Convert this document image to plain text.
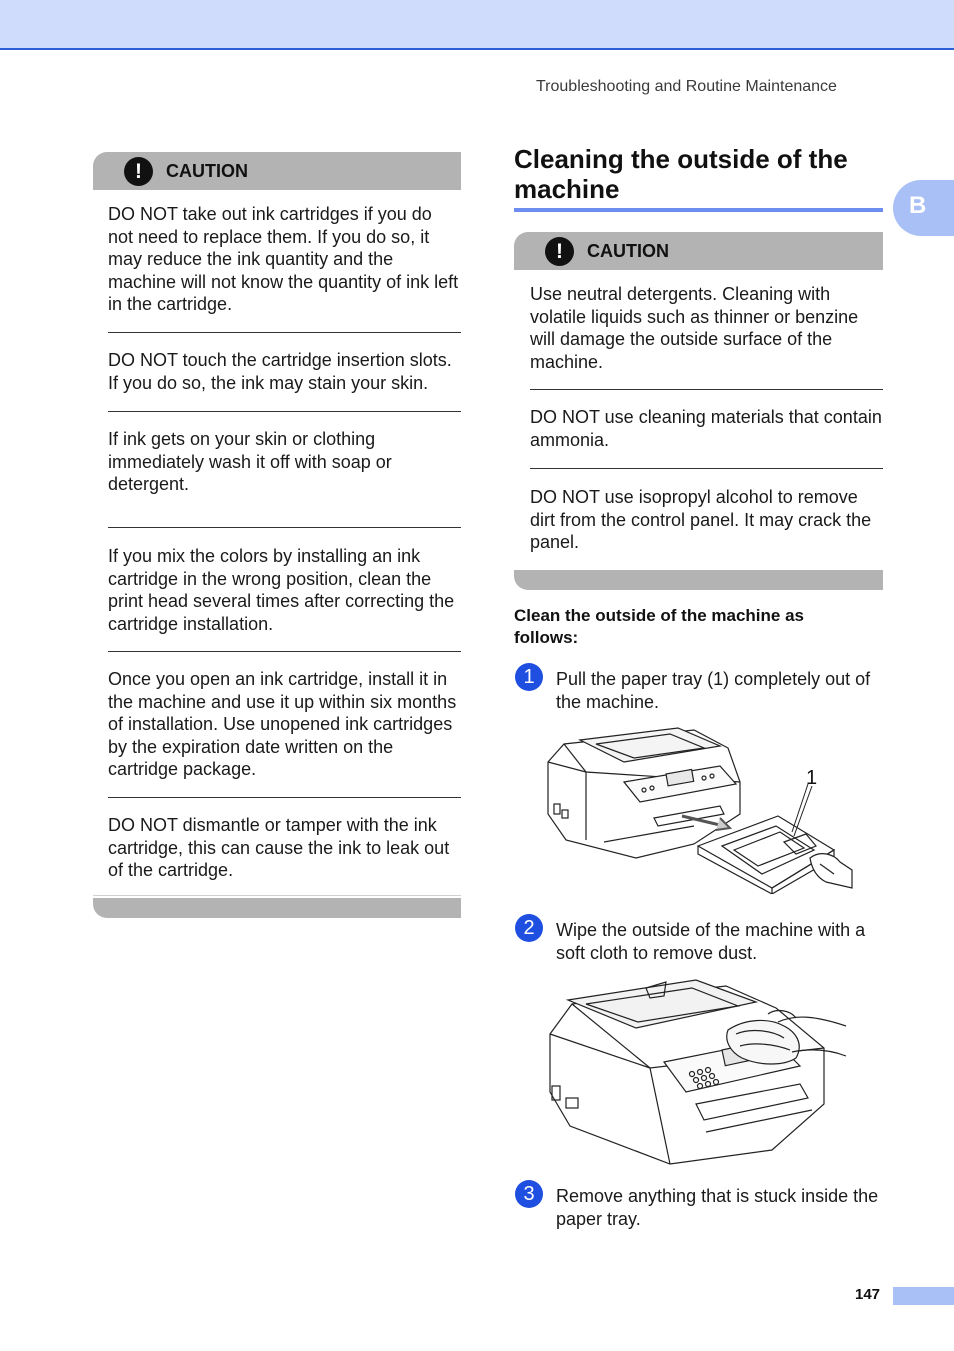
Troubleshooting and Routine Maintenance
B
!	CAUTION
DO NOT take out ink cartridges if you do not need to replace them. If you do so, it may reduce the ink quantity and the machine will not know the quantity of ink left in the cartridge.
DO NOT touch the cartridge insertion slots. If you do so, the ink may stain your skin.
If ink gets on your skin or clothing immediately wash it off with soap or detergent.
If you mix the colors by installing an ink cartridge in the wrong position, clean the print head several times after correcting the cartridge installation.
Once you open an ink cartridge, install it in the machine and use it up within six months of installation. Use unopened ink cartridges by the expiration date written on the cartridge package.
DO NOT dismantle or tamper with the ink cartridge, this can cause the ink to leak out of the cartridge.
Cleaning the outside of the machine
!	CAUTION
Use neutral detergents. Cleaning with volatile liquids such as thinner or benzine will damage the outside surface of the machine.
DO NOT use cleaning materials that contain ammonia.
DO NOT use isopropyl alcohol to remove dirt from the control panel. It may crack the panel.
Clean the outside of the machine as follows:
1	Pull the paper tray (1) completely out of the machine.
1
2	Wipe the outside of the machine with a soft cloth to remove dust.
3	Remove anything that is stuck inside the paper tray.
147
